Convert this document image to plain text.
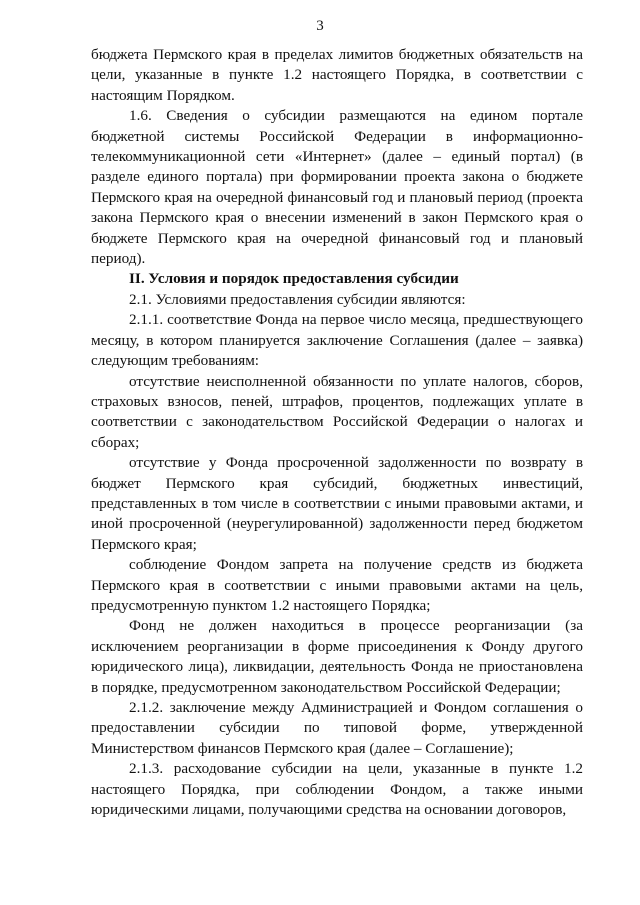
3

бюджета Пермского края в пределах лимитов бюджетных обязательств на цели, указанные в пункте 1.2 настоящего Порядка, в соответствии с настоящим Порядком.

1.6. Сведения о субсидии размещаются на едином портале бюджетной системы Российской Федерации в информационно-телекоммуникационной сети «Интернет» (далее – единый портал) (в разделе единого портала) при формировании проекта закона о бюджете Пермского края на очередной финансовый год и плановый период (проекта закона Пермского края о внесении изменений в закон Пермского края о бюджете Пермского края на очередной финансовый год и плановый период).

II. Условия и порядок предоставления субсидии

2.1. Условиями предоставления субсидии являются:

2.1.1. соответствие Фонда на первое число месяца, предшествующего месяцу, в котором планируется заключение Соглашения (далее – заявка) следующим требованиям:

отсутствие неисполненной обязанности по уплате налогов, сборов, страховых взносов, пеней, штрафов, процентов, подлежащих уплате в соответствии с законодательством Российской Федерации о налогах и сборах;

отсутствие у Фонда просроченной задолженности по возврату в бюджет Пермского края субсидий, бюджетных инвестиций, представленных в том числе в соответствии с иными правовыми актами, и иной просроченной (неурегулированной) задолженности перед бюджетом Пермского края;

соблюдение Фондом запрета на получение средств из бюджета Пермского края в соответствии с иными правовыми актами на цель, предусмотренную пунктом 1.2 настоящего Порядка;

Фонд не должен находиться в процессе реорганизации (за исключением реорганизации в форме присоединения к Фонду другого юридического лица), ликвидации, деятельность Фонда не приостановлена в порядке, предусмотренном законодательством Российской Федерации;

2.1.2. заключение между Администрацией и Фондом соглашения о предоставлении субсидии по типовой форме, утвержденной Министерством финансов Пермского края (далее – Соглашение);

2.1.3. расходование субсидии на цели, указанные в пункте 1.2 настоящего Порядка, при соблюдении Фондом, а также иными юридическими лицами, получающими средства на основании договоров,
